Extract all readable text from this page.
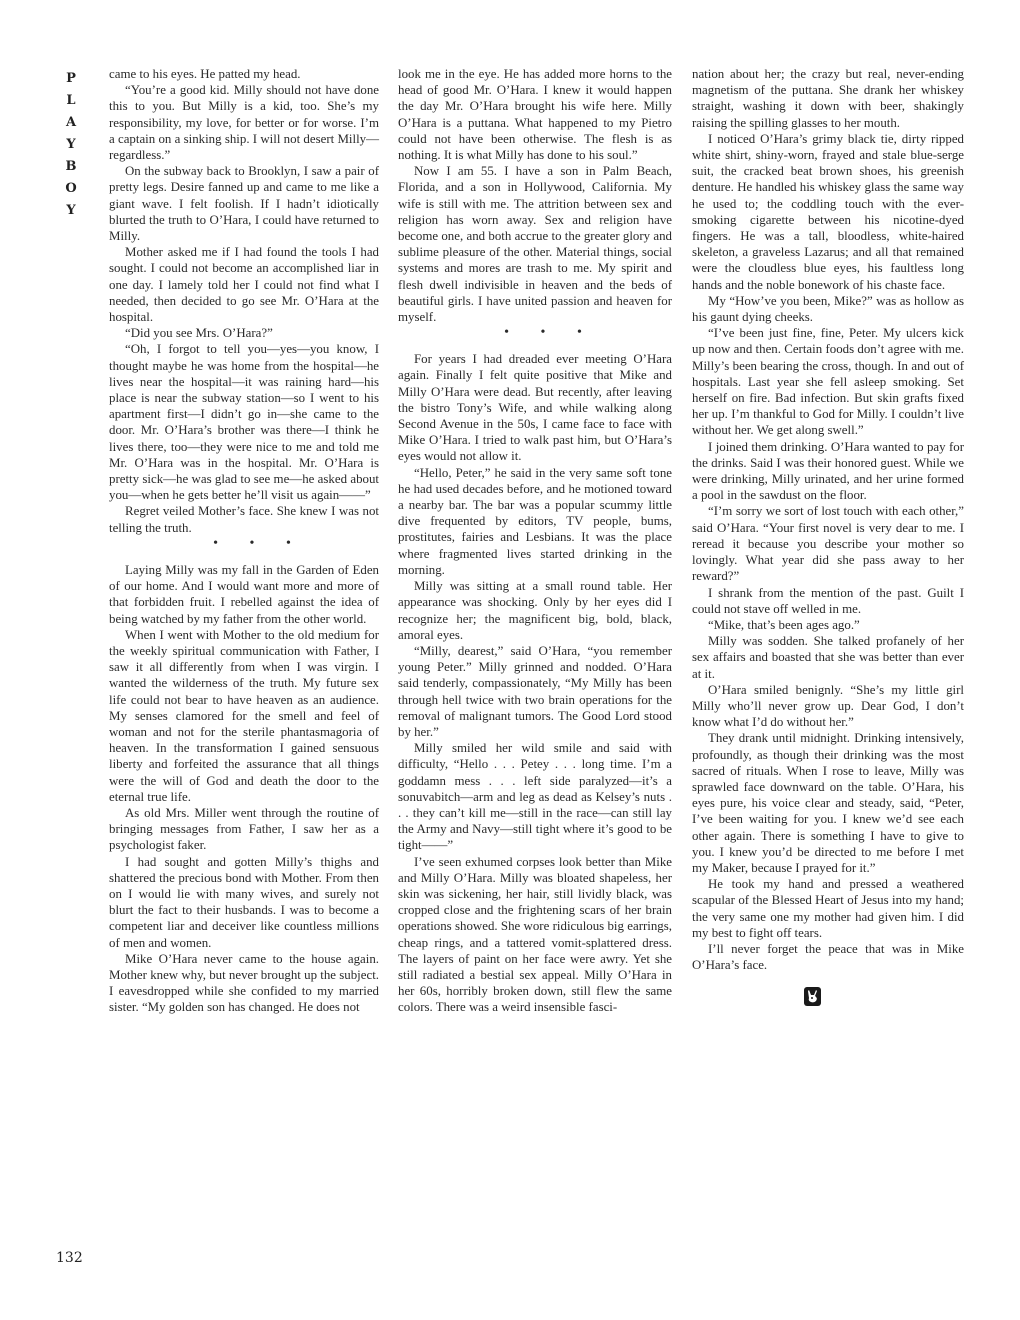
P
L
A
Y
B
O
Y

came to his eyes. He patted my head.

“You’re a good kid. Milly should not have done this to you. But Milly is a kid, too. She’s my responsibility, my love, for better or for worse. I’m a captain on a sinking ship. I will not desert Milly—regardless.”

On the subway back to Brooklyn, I saw a pair of pretty legs. Desire fanned up and came to me like a giant wave. I felt foolish. If I hadn’t idiotically blurted the truth to O’Hara, I could have returned to Milly.

Mother asked me if I had found the tools I had sought. I could not become an accomplished liar in one day. I lamely told her I could not find what I needed, then decided to go see Mr. O’Hara at the hospital.

“Did you see Mrs. O’Hara?”

“Oh, I forgot to tell you—yes—you know, I thought maybe he was home from the hospital—he lives near the hospital—it was raining hard—his place is near the subway station—so I went to his apartment first—I didn’t go in—she came to the door. Mr. O’Hara’s brother was there—I think he lives there, too—they were nice to me and told me Mr. O’Hara was in the hospital. Mr. O’Hara is pretty sick—he was glad to see me—he asked about you—when he gets better he’ll visit us again——”

Regret veiled Mother’s face. She knew I was not telling the truth.

• • •

Laying Milly was my fall in the Garden of Eden of our home. And I would want more and more of that forbidden fruit. I rebelled against the idea of being watched by my father from the other world.

When I went with Mother to the old medium for the weekly spiritual communication with Father, I saw it all differently from when I was virgin. I wanted the wilderness of the truth. My future sex life could not bear to have heaven as an audience. My senses clamored for the smell and feel of woman and not for the sterile phantasmagoria of heaven. In the transformation I gained sensuous liberty and forfeited the assurance that all things were the will of God and death the door to the eternal true life.

As old Mrs. Miller went through the routine of bringing messages from Father, I saw her as a psychologist faker.

I had sought and gotten Milly’s thighs and shattered the precious bond with Mother. From then on I would lie with many wives, and surely not blurt the fact to their husbands. I was to become a competent liar and deceiver like countless millions of men and women.

Mike O’Hara never came to the house again. Mother knew why, but never brought up the subject. I eavesdropped while she confided to my married sister. “My golden son has changed. He does not

look me in the eye. He has added more horns to the head of good Mr. O’Hara. I knew it would happen the day Mr. O’Hara brought his wife here. Milly O’Hara is a puttana. What happened to my Pietro could not have been otherwise. The flesh is as nothing. It is what Milly has done to his soul.”

Now I am 55. I have a son in Palm Beach, Florida, and a son in Hollywood, California. My wife is still with me. The attrition between sex and religion has worn away. Sex and religion have become one, and both accrue to the greater glory and sublime pleasure of the other. Material things, social systems and mores are trash to me. My spirit and flesh dwell indivisible in heaven and the beds of beautiful girls. I have united passion and heaven for myself.

• • •

For years I had dreaded ever meeting O’Hara again. Finally I felt quite positive that Mike and Milly O’Hara were dead. But recently, after leaving the bistro Tony’s Wife, and while walking along Second Avenue in the 50s, I came face to face with Mike O’Hara. I tried to walk past him, but O’Hara’s eyes would not allow it.

“Hello, Peter,” he said in the very same soft tone he had used decades before, and he motioned toward a nearby bar. The bar was a popular scummy little dive frequented by editors, TV people, bums, prostitutes, fairies and Lesbians. It was the place where fragmented lives started drinking in the morning.

Milly was sitting at a small round table. Her appearance was shocking. Only by her eyes did I recognize her; the magnificent big, bold, black, amoral eyes.

“Milly, dearest,” said O’Hara, “you remember young Peter.” Milly grinned and nodded. O’Hara said tenderly, compassionately, “My Milly has been through hell twice with two brain operations for the removal of malignant tumors. The Good Lord stood by her.”

Milly smiled her wild smile and said with difficulty, “Hello . . . Petey . . . long time. I’m a goddamn mess . . . left side paralyzed—it’s a sonuvabitch—arm and leg as dead as Kelsey’s nuts . . . they can’t kill me—still in the race—can still lay the Army and Navy—still tight where it’s good to be tight——”

I’ve seen exhumed corpses look better than Mike and Milly O’Hara. Milly was bloated shapeless, her skin was sickening, her hair, still lividly black, was cropped close and the frightening scars of her brain operations showed. She wore ridiculous big earrings, cheap rings, and a tattered vomit-splattered dress. The layers of paint on her face were awry. Yet she still radiated a bestial sex appeal. Milly O’Hara in her 60s, horribly broken down, still flew the same colors. There was a weird insensible fasci-

nation about her; the crazy but real, never-ending magnetism of the puttana. She drank her whiskey straight, washing it down with beer, shakingly raising the spilling glasses to her mouth.

I noticed O’Hara’s grimy black tie, dirty ripped white shirt, shiny-worn, frayed and stale blue-serge suit, the cracked beat brown shoes, his greenish denture. He handled his whiskey glass the same way he used to; the coddling touch with the ever-smoking cigarette between his nicotine-dyed fingers. He was a tall, bloodless, white-haired skeleton, a graveless Lazarus; and all that remained were the cloudless blue eyes, his faultless long hands and the noble bonework of his chaste face.

My “How’ve you been, Mike?” was as hollow as his gaunt dying cheeks.

“I’ve been just fine, fine, Peter. My ulcers kick up now and then. Certain foods don’t agree with me. Milly’s been bearing the cross, though. In and out of hospitals. Last year she fell asleep smoking. Set herself on fire. Bad infection. But skin grafts fixed her up. I’m thankful to God for Milly. I couldn’t live without her. We get along swell.”

I joined them drinking. O’Hara wanted to pay for the drinks. Said I was their honored guest. While we were drinking, Milly urinated, and her urine formed a pool in the sawdust on the floor.

“I’m sorry we sort of lost touch with each other,” said O’Hara. “Your first novel is very dear to me. I reread it because you describe your mother so lovingly. What year did she pass away to her reward?”

I shrank from the mention of the past. Guilt I could not stave off welled in me.

“Mike, that’s been ages ago.”

Milly was sodden. She talked profanely of her sex affairs and boasted that she was better than ever at it.

O’Hara smiled benignly. “She’s my little girl Milly who’ll never grow up. Dear God, I don’t know what I’d do without her.”

They drank until midnight. Drinking intensively, profoundly, as though their drinking was the most sacred of rituals. When I rose to leave, Milly was sprawled face downward on the table. O’Hara, his eyes pure, his voice clear and steady, said, “Peter, I’ve been waiting for you. I knew we’d see each other again. There is something I have to give to you. I knew you’d be directed to me before I met my Maker, because I prayed for it.”

He took my hand and pressed a weathered scapular of the Blessed Heart of Jesus into my hand; the very same one my mother had given him. I did my best to fight off tears.

I’ll never forget the peace that was in Mike O’Hara’s face.

132
